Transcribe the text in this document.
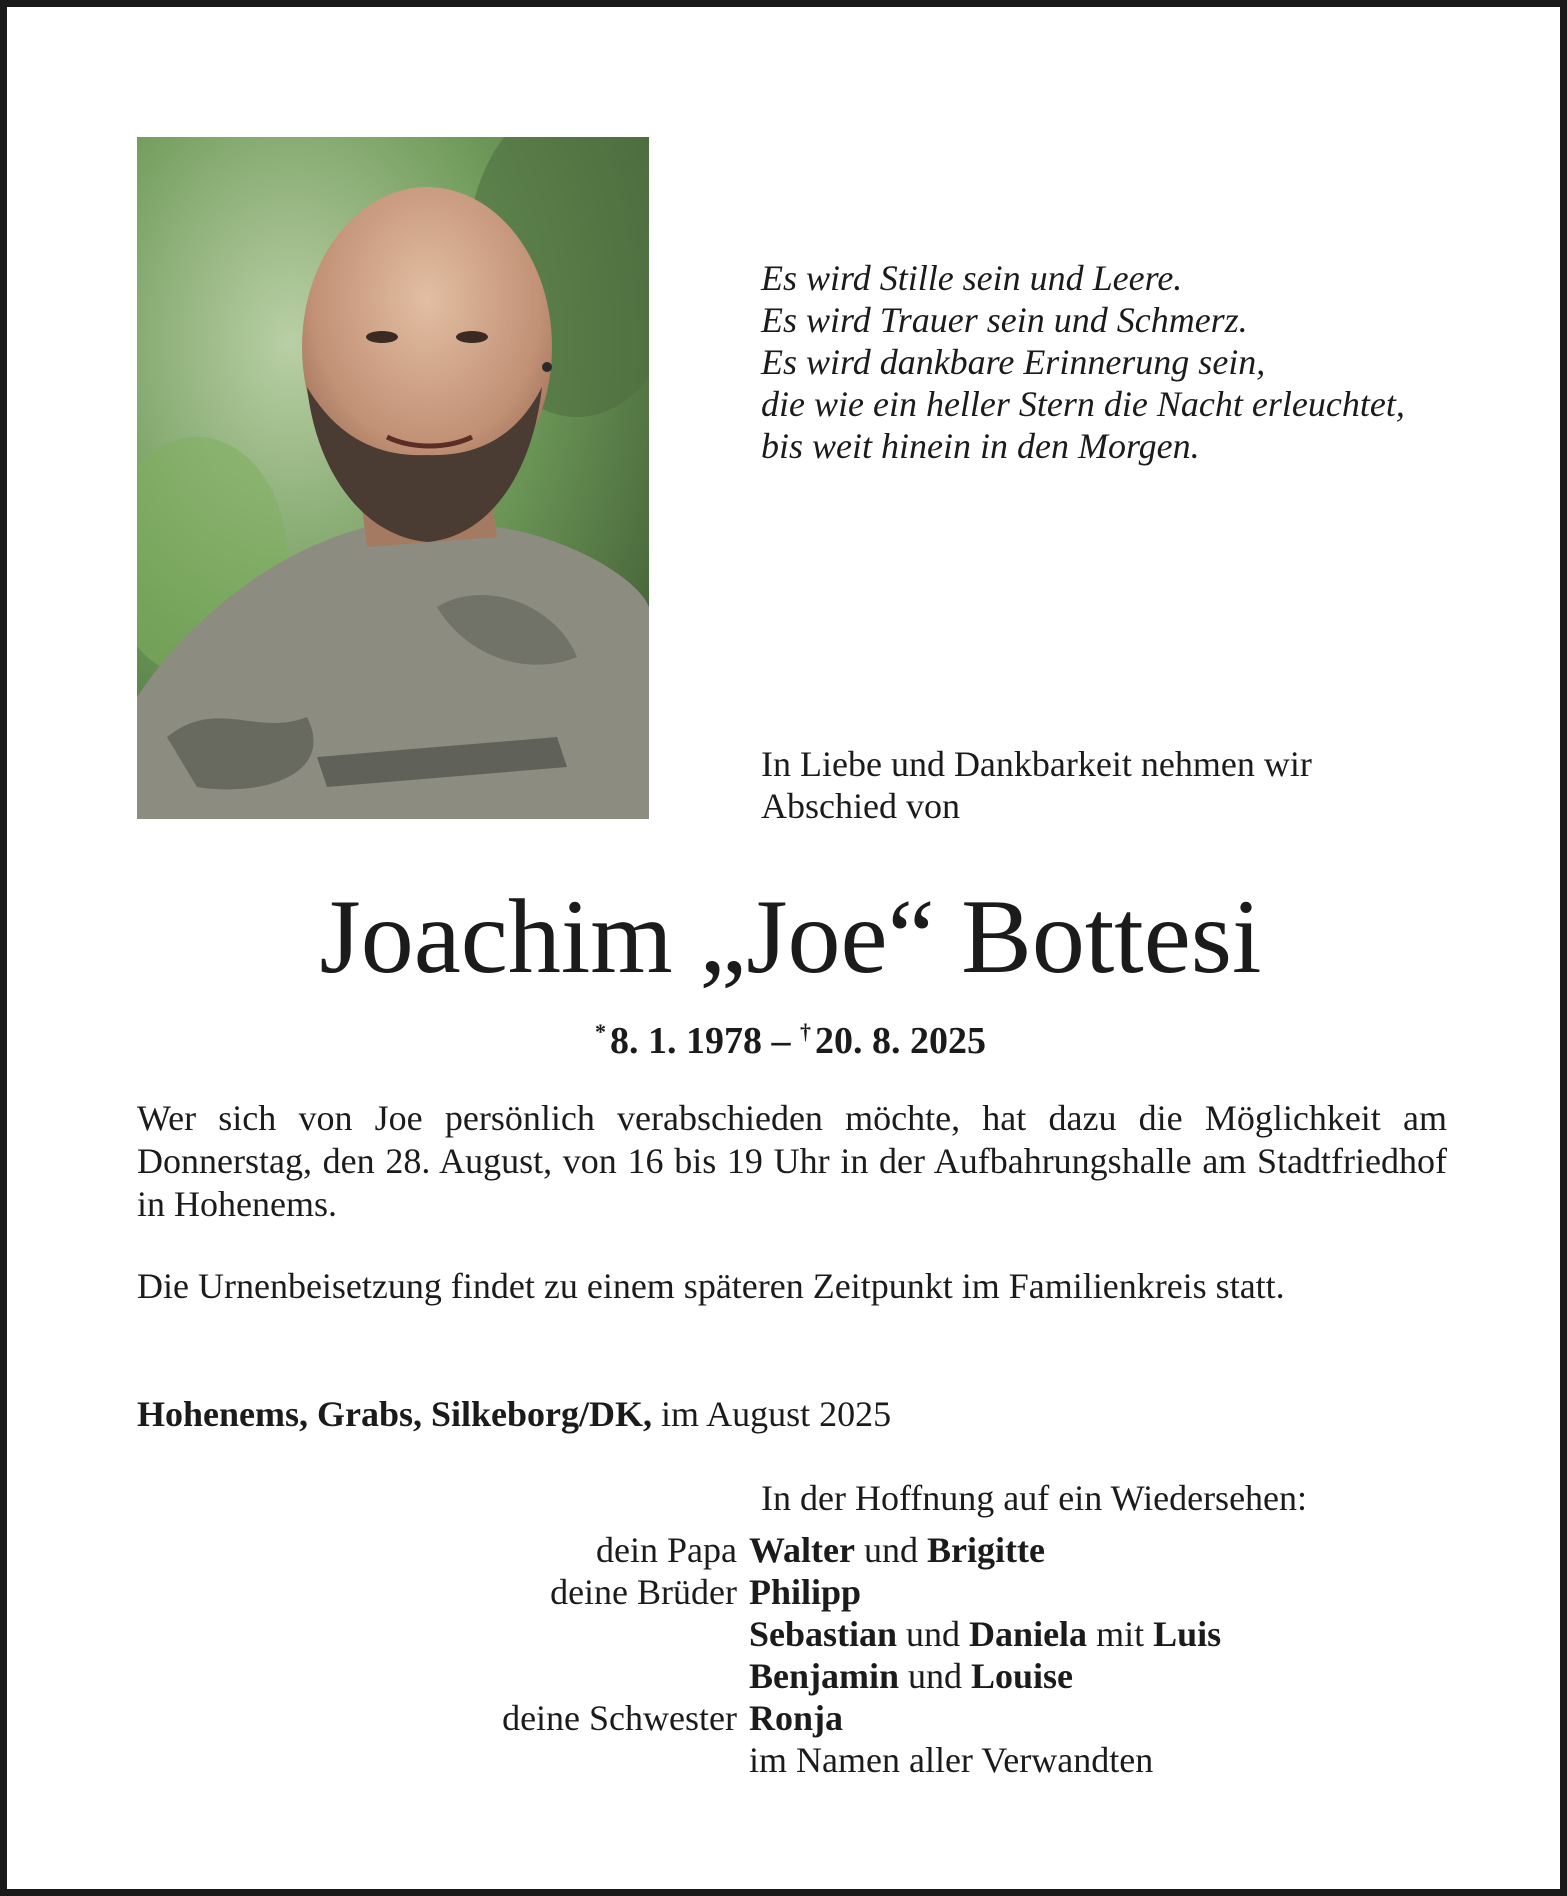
Es wird Stille sein und Leere.
Es wird Trauer sein und Schmerz.
Es wird dankbare Erinnerung sein,
die wie ein heller Stern die Nacht erleuchtet,
bis weit hinein in den Morgen.
In Liebe und Dankbarkeit nehmen wir
Abschied von
Joachim „Joe“ Bottesi
* 8. 1. 1978 – † 20. 8. 2025
Wer sich von Joe persönlich verabschieden möchte, hat dazu die Möglichkeit am Donnerstag, den 28. August, von 16 bis 19 Uhr in der Aufbahrungshalle am Stadtfriedhof in Hohenems.
Die Urnenbeisetzung findet zu einem späteren Zeitpunkt im Familienkreis statt.
Hohenems, Grabs, Silkeborg/DK, im August 2025
In der Hoffnung auf ein Wiedersehen:
dein Papa Walter und Brigitte
deine Brüder Philipp
Sebastian und Daniela mit Luis
Benjamin und Louise
deine Schwester Ronja
im Namen aller Verwandten
